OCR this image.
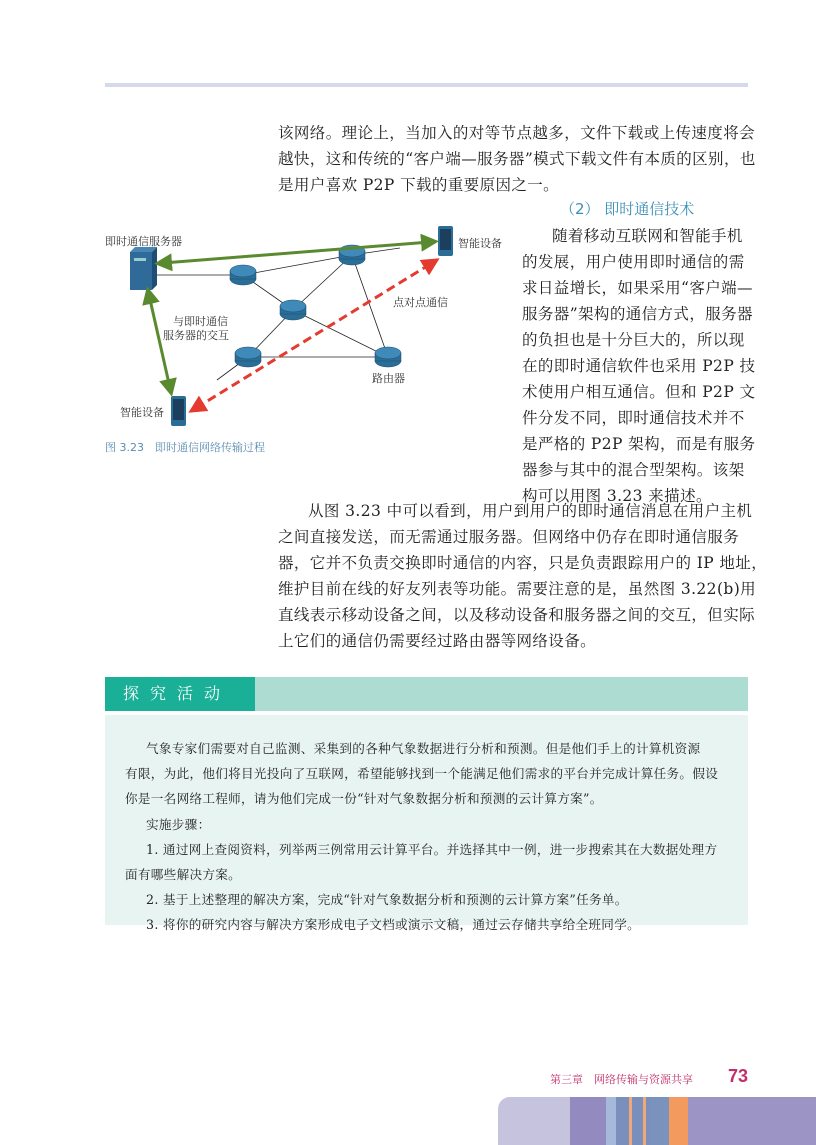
该网络。理论上，当加入的对等节点越多，文件下载或上传速度将会
越快，这和传统的“客户端—服务器”模式下载文件有本质的区别，也
是用户喜欢 P2P 下载的重要原因之一。
（2） 即时通信技术
随着移动互联网和智能手机
的发展，用户使用即时通信的需
求日益增长，如果采用“客户端—
服务器”架构的通信方式，服务器
的负担也是十分巨大的，所以现
在的即时通信软件也采用 P2P 技
术使用户相互通信。但和 P2P 文
件分发不同，即时通信技术并不
是严格的 P2P 架构，而是有服务
器参与其中的混合型架构。该架
构可以用图 3.23 来描述。
即时通信服务器	智能设备
智能设备
与即时通信
服务器的交互
点对点通信
路由器
图 3.23　即时通信网络传输过程
从图 3.23 中可以看到，用户到用户的即时通信消息在用户主机
之间直接发送，而无需通过服务器。但网络中仍存在即时通信服务
器，它并不负责交换即时通信的内容，只是负责跟踪用户的 IP 地址，
维护目前在线的好友列表等功能。需要注意的是，虽然图 3.22(b)用
直线表示移动设备之间，以及移动设备和服务器之间的交互，但实际
上它们的通信仍需要经过路由器等网络设备。
探究活动
气象专家们需要对自己监测、采集到的各种气象数据进行分析和预测。但是他们手上的计算机资源
有限，为此，他们将目光投向了互联网，希望能够找到一个能满足他们需求的平台并完成计算任务。假设
你是一名网络工程师，请为他们完成一份“针对气象数据分析和预测的云计算方案”。
实施步骤：
1. 通过网上查阅资料，列举两三例常用云计算平台。并选择其中一例，进一步搜索其在大数据处理方
面有哪些解决方案。
2. 基于上述整理的解决方案，完成“针对气象数据分析和预测的云计算方案”任务单。
3. 将你的研究内容与解决方案形成电子文档或演示文稿，通过云存储共享给全班同学。
第三章　网络传输与资源共享 73
